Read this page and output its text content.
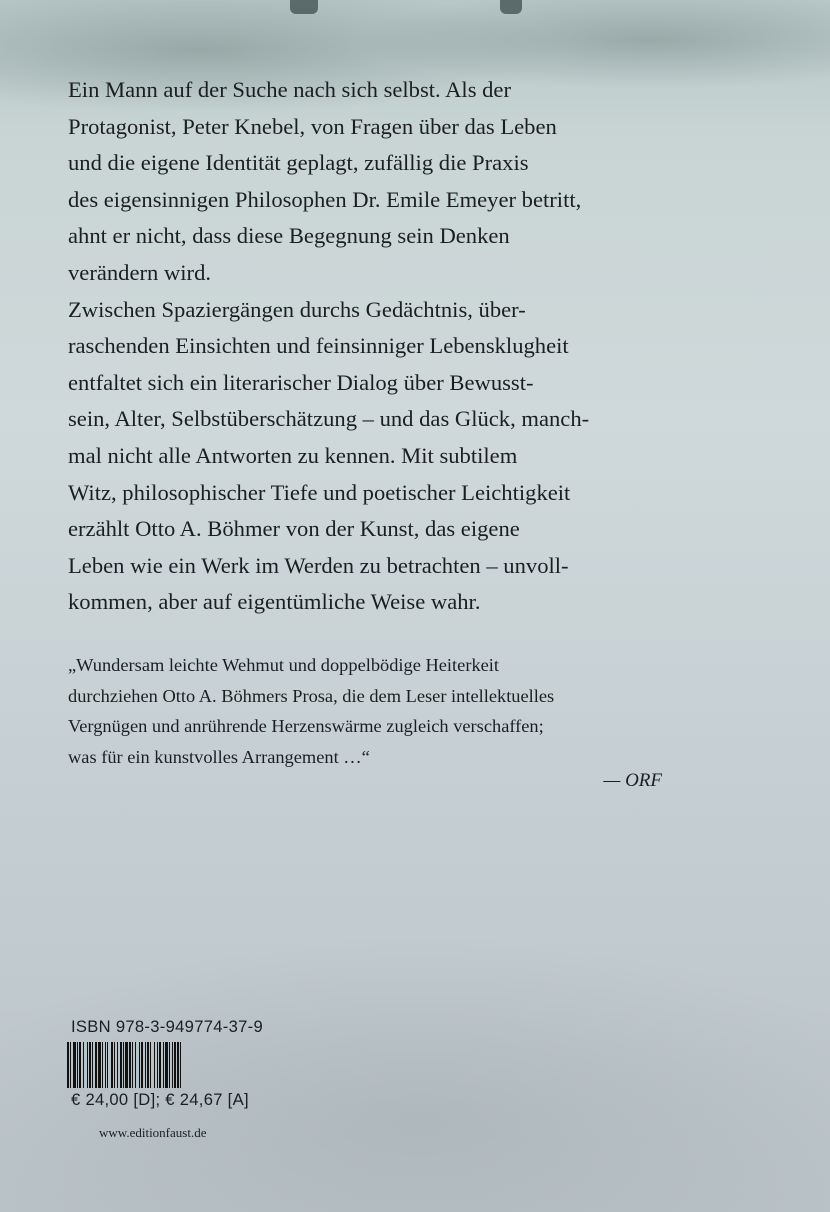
Ein Mann auf der Suche nach sich selbst. Als der

Protagonist, Peter Knebel, von Fragen über das Leben

und die eigene Identität geplagt, zufällig die Praxis

des eigensinnigen Philosophen Dr. Emile Emeyer betritt,

ahnt er nicht, dass diese Begegnung sein Denken

verändern wird.

Zwischen Spaziergängen durchs Gedächtnis, über-

raschenden Einsichten und feinsinniger Lebensklugheit

entfaltet sich ein literarischer Dialog über Bewusst-

sein, Alter, Selbstüberschätzung – und das Glück, manch-

mal nicht alle Antworten zu kennen. Mit subtilem

Witz, philosophischer Tiefe und poetischer Leichtigkeit

erzählt Otto A. Böhmer von der Kunst, das eigene

Leben wie ein Werk im Werden zu betrachten – unvoll-

kommen, aber auf eigentümliche Weise wahr.

„Wundersam leichte Wehmut und doppelbödige Heiterkeit

durchziehen Otto A. Böhmers Prosa, die dem Leser intellektuelles

Vergnügen und anrührende Herzenswärme zugleich verschaffen;

was für ein kunstvolles Arrangement …“

— ORF
ISBN 978-3-949774-37-9
€ 24,00 [D]; € 24,67 [A]
www.editionfaust.de
